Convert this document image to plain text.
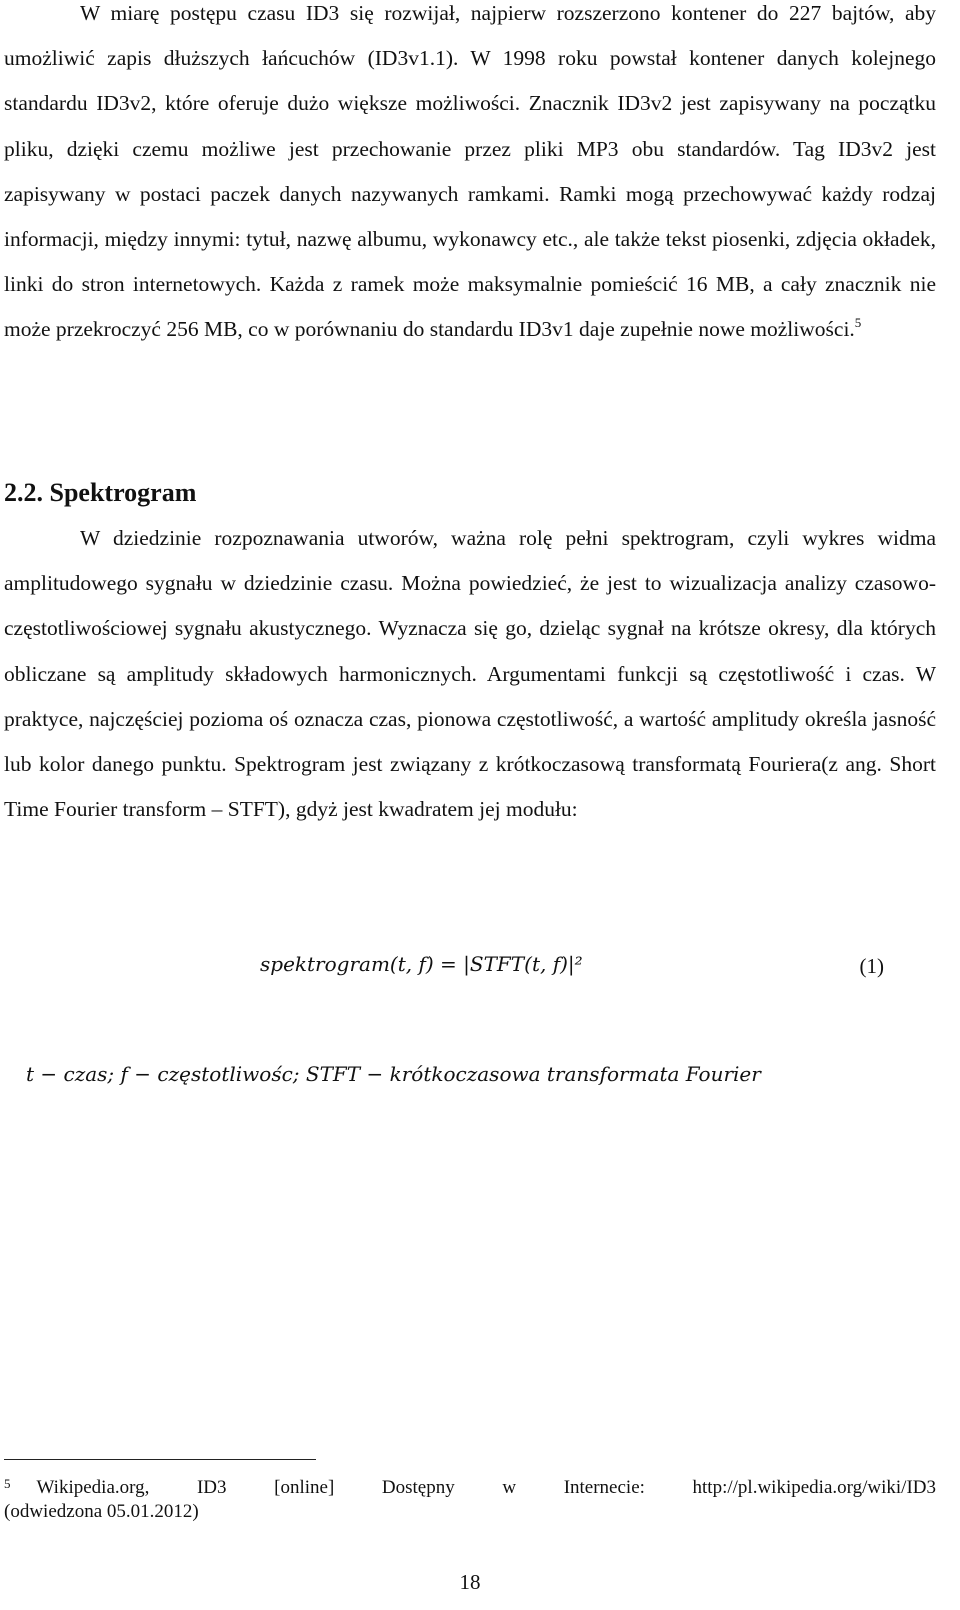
W miarę postępu czasu ID3 się rozwijał, najpierw rozszerzono kontener do 227 bajtów, aby umożliwić zapis dłuższych łańcuchów (ID3v1.1). W 1998 roku powstał kontener danych kolejnego standardu ID3v2, które oferuje dużo większe możliwości. Znacznik ID3v2 jest zapisywany na początku pliku, dzięki czemu możliwe jest przechowanie przez pliki MP3 obu standardów. Tag ID3v2 jest zapisywany w postaci paczek danych nazywanych ramkami. Ramki mogą przechowywać każdy rodzaj informacji, między innymi: tytuł, nazwę albumu, wykonawcy etc., ale także tekst piosenki, zdjęcia okładek, linki do stron internetowych. Każda z ramek może maksymalnie pomieścić 16 MB, a cały znacznik nie może przekroczyć 256 MB, co w porównaniu do standardu ID3v1 daje zupełnie nowe możliwości.$^5$

2.2. Spektrogram

W dziedzinie rozpoznawania utworów, ważna rolę pełni spektrogram, czyli wykres widma amplitudowego sygnału w dziedzinie czasu. Można powiedzieć, że jest to wizualizacja analizy czasowo-częstotliwościowej sygnału akustycznego. Wyznacza się go, dzieląc sygnał na krótsze okresy, dla których obliczane są amplitudy składowych harmonicznych. Argumentami funkcji są częstotliwość i czas. W praktyce, najczęściej pozioma oś oznacza czas, pionowa częstotliwość, a wartość amplitudy określa jasność lub kolor danego punktu. Spektrogram jest związany z krótkoczasową transformatą Fouriera(z ang. Short Time Fourier transform – STFT), gdyż jest kwadratem jej modułu:

spektrogram(t, f) = |STFT(t, f)|²	(1)
t − czas; f − częstotliwośc; STFT − krótkoczasowa transformata Fourier
$^5$ Wikipedia.org,	ID3	[online]	Dostępny	w	Internecie:	http://pl.wikipedia.org/wiki/ID3
(odwiedzona 05.01.2012)
18
